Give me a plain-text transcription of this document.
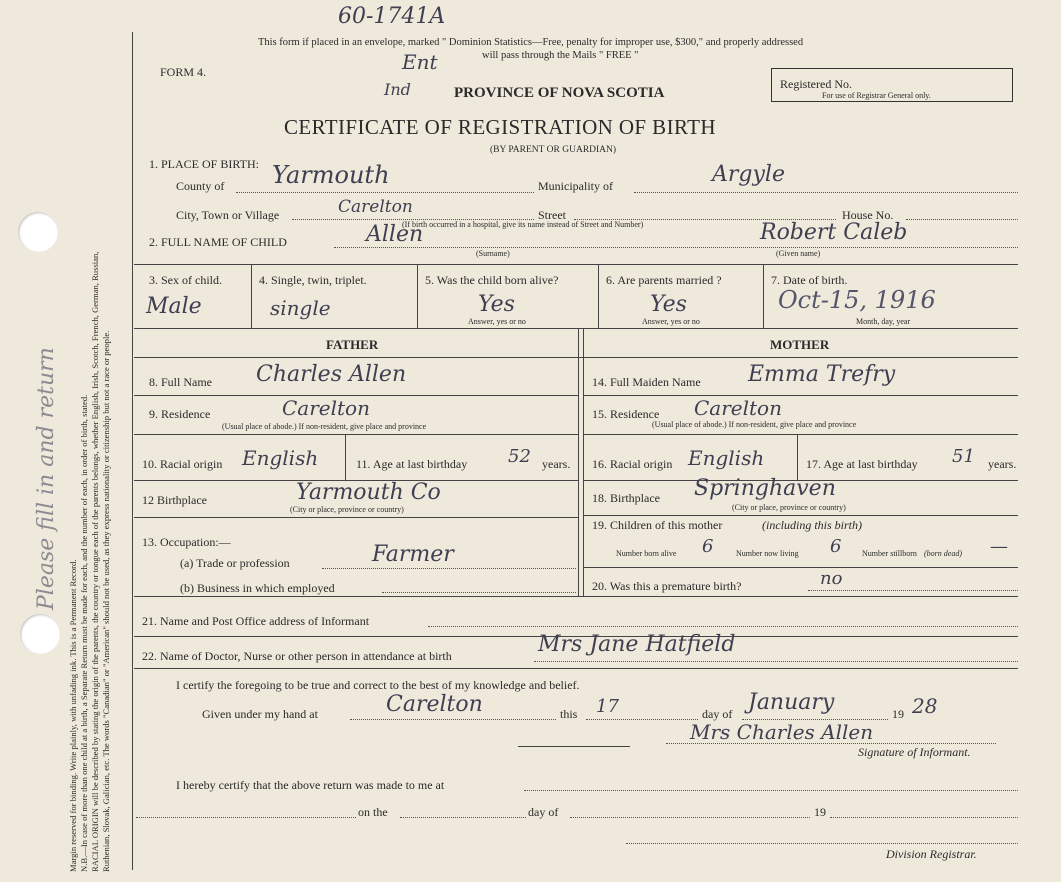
Margin reserved for binding. Write plainly, with unfading ink. This is a Permanent Record. N.B.—In case of more than one child at a birth, a Separate Return must be made for each, and the number of each, in order of birth, stated. RACIAL ORIGIN will be described by stating the origin of the parents, the country or tongue each of the parents belongs, whether English, Irish, Scotch, French, German, Russian, Ruthenian, Slovak, Galician, etc. The words "Canadian" or "American" should not be used, as they express nationality or citizenship but not a race or people.
Please fill in and return
60-1741A
This form if placed in an envelope, marked " Dominion Statistics—Free, penalty for improper use, $300," and properly addressed
will pass through the Mails " FREE "
FORM 4.	Ent
Ind	PROVINCE OF NOVA SCOTIA
Registered No.
For use of Registrar General only.
CERTIFICATE OF REGISTRATION OF BIRTH
(BY PARENT OR GUARDIAN)
1. PLACE OF BIRTH:
County of Yarmouth	Municipality of	Argyle
City, Town or Village	Carelton	Street	House No.
(If birth occurred in a hospital, give its name instead of Street and Number)
2. FULL NAME OF CHILD	Allen	Robert Caleb
(Surname)	(Given name)
3. Sex of child.
Male
4. Single, twin, triplet.
single
5. Was the child born alive?
Yes
Answer, yes or no
6. Are parents married ?
Yes
Answer, yes or no
7. Date of birth.
Oct-15, 1916
Month, day, year
FATHER	MOTHER
8. Full Name Charles Allen
9. Residence	Carelton
(Usual place of abode.) If non-resident, give place and province
10. Racial origin English	11. Age at last birthday 52 years.
12 Birthplace	Yarmouth Co
(City or place, province or country)
13. Occupation:—
(a) Trade or profession	Farmer
(b) Business in which employed
14. Full Maiden Name Emma Trefry
15. Residence Carelton
(Usual place of abode.) If non-resident, give place and province
16. Racial origin English	17. Age at last birthday 51 years.
18. Birthplace Springhaven
(City or place, province or country)
19. Children of this mother	(including this birth)
Number born alive 6	Number now living 6	Number stillborn (born dead) —
20. Was this a premature birth?	no
21. Name and Post Office address of Informant
22. Name of Doctor, Nurse or other person in attendance at birth	Mrs Jane Hatfield
I certify the foregoing to be true and correct to the best of my knowledge and belief.
Given under my hand at	Carelton	this 17	day of January	19 28
Mrs Charles Allen
Signature of Informant.
I hereby certify that the above return was made to me at
on the	day of	19
Division Registrar.
